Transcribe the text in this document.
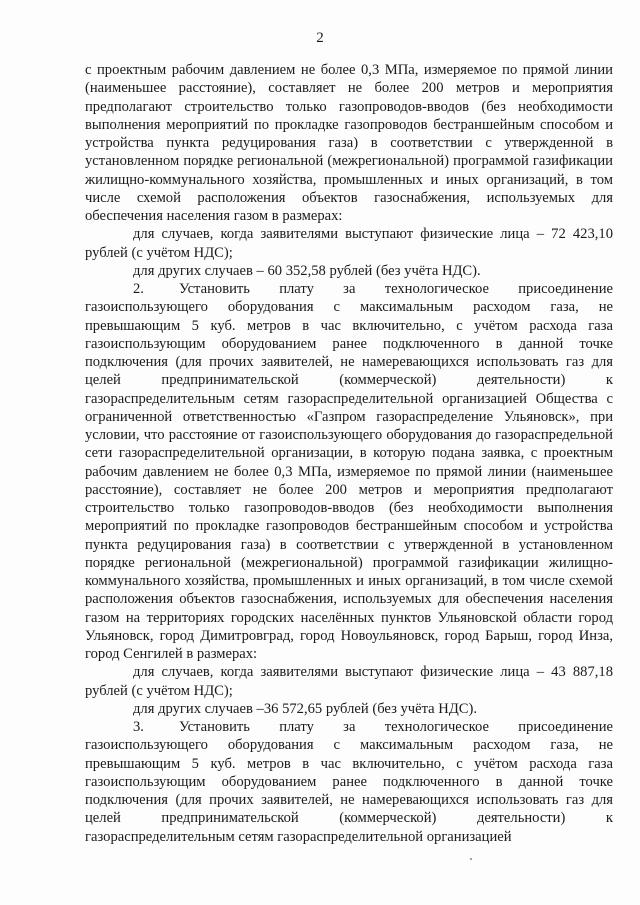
2

с проектным рабочим давлением не более 0,3 МПа, измеряемое по прямой линии (наименьшее расстояние), составляет не более 200 метров и мероприятия предполагают строительство только газопроводов-вводов (без необходимости выполнения мероприятий по прокладке газопроводов бестраншейным способом и устройства пункта редуцирования газа) в соответствии с утвержденной в установленном порядке региональной (межрегиональной) программой газификации жилищно-коммунального хозяйства, промышленных и иных организаций, в том числе схемой расположения объектов газоснабжения, используемых для обеспечения населения газом в размерах:

для случаев, когда заявителями выступают физические лица – 72 423,10 рублей (с учётом НДС);

для других случаев – 60 352,58 рублей (без учёта НДС).

2. Установить плату за технологическое присоединение газоиспользующего оборудования с максимальным расходом газа, не превышающим 5 куб. метров в час включительно, с учётом расхода газа газоиспользующим оборудованием ранее подключенного в данной точке подключения (для прочих заявителей, не намеревающихся использовать газ для целей предпринимательской (коммерческой) деятельности) к газораспределительным сетям газораспределительной организацией Общества с ограниченной ответственностью «Газпром газораспределение Ульяновск», при условии, что расстояние от газоиспользующего оборудования до газораспредельной сети газораспределительной организации, в которую подана заявка, с проектным рабочим давлением не более 0,3 МПа, измеряемое по прямой линии (наименьшее расстояние), составляет не более 200 метров и мероприятия предполагают строительство только газопроводов-вводов (без необходимости выполнения мероприятий по прокладке газопроводов бестраншейным способом и устройства пункта редуцирования газа) в соответствии с утвержденной в установленном порядке региональной (межрегиональной) программой газификации жилищно-коммунального хозяйства, промышленных и иных организаций, в том числе схемой расположения объектов газоснабжения, используемых для обеспечения населения газом на территориях городских населённых пунктов Ульяновской области город Ульяновск, город Димитровград, город Новоульяновск, город Барыш, город Инза, город Сенгилей в размерах:

для случаев, когда заявителями выступают физические лица – 43 887,18 рублей (с учётом НДС);

для других случаев –36 572,65 рублей (без учёта НДС).

3. Установить плату за технологическое присоединение газоиспользующего оборудования с максимальным расходом газа, не превышающим 5 куб. метров в час включительно, с учётом расхода газа газоиспользующим оборудованием ранее подключенного в данной точке подключения (для прочих заявителей, не намеревающихся использовать газ для целей предпринимательской (коммерческой) деятельности) к газораспределительным сетям газораспределительной организацией
